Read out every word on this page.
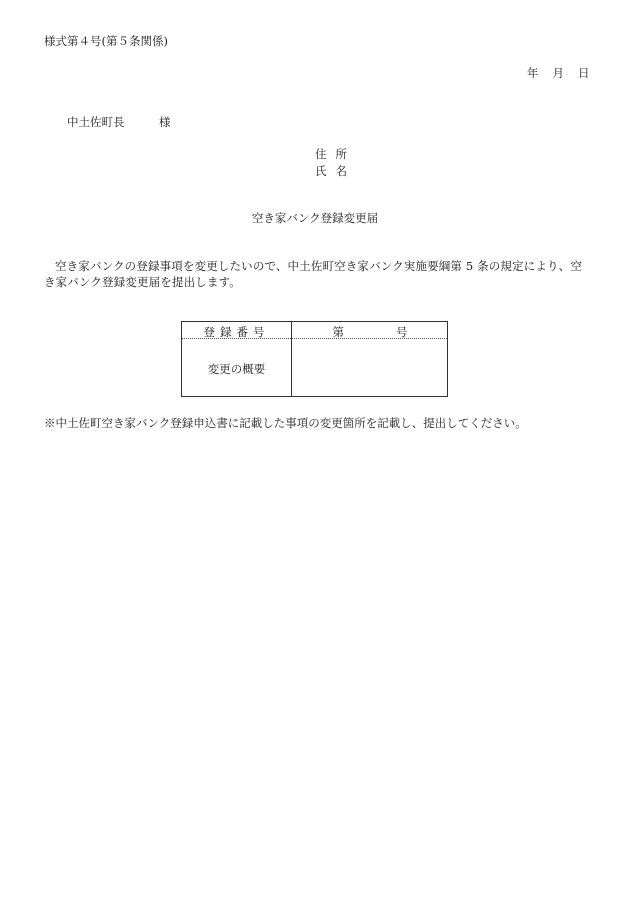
様式第４号(第５条関係)
年 月 日
中土佐町長	様
住 所
氏 名
空き家バンク登録変更届
空き家バンクの登録事項を変更したいので、中土佐町空き家バンク実施要綱第 5 条の規定により、空き家バンク登録変更届を提出します。
登録番号	第	号
変更の概要
※中土佐町空き家バンク登録申込書に記載した事項の変更箇所を記載し、提出してください。
